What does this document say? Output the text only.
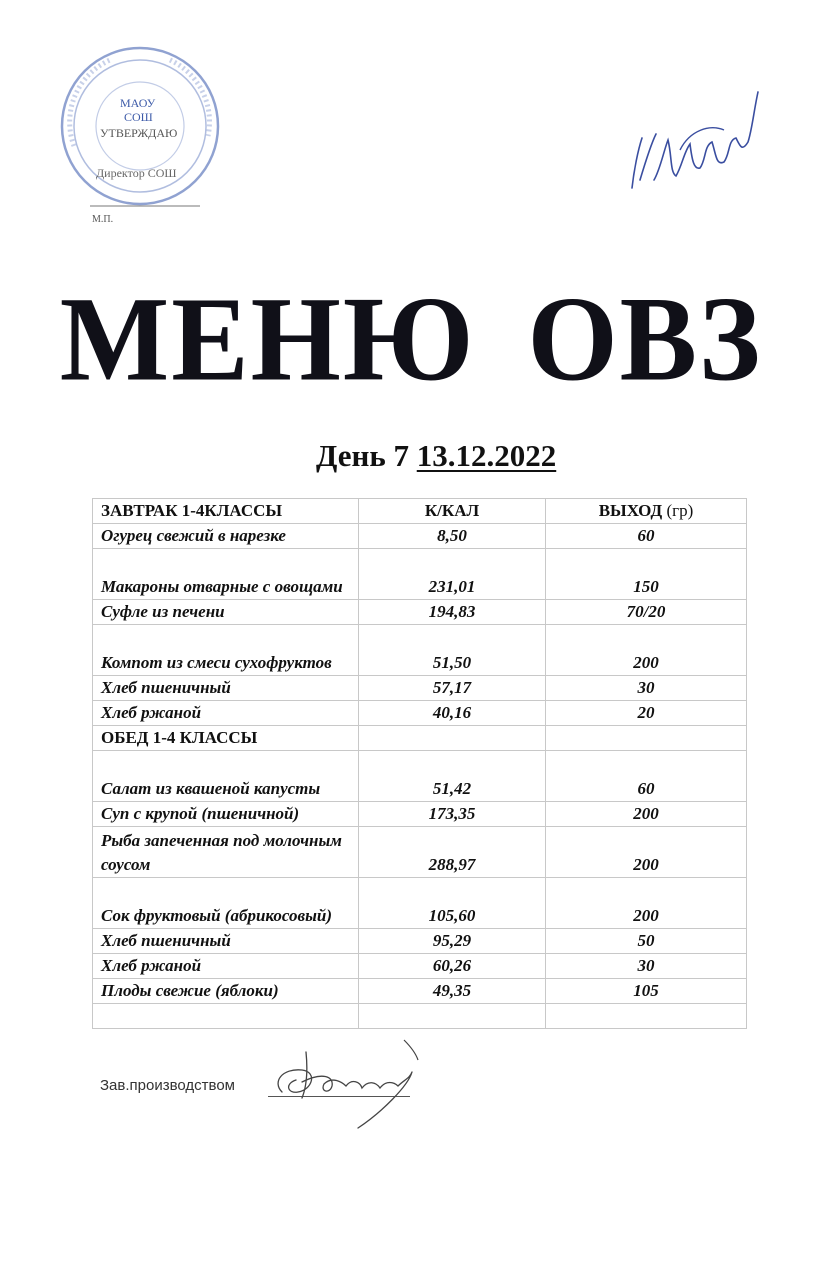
МАОУ
СОШ
УТВЕРЖДАЮ
Директор СОШ
М.П.
МЕНЮ ОВЗ
День 7 13.12.2022
ЗАВТРАК 1-4КЛАССЫ	К/КАЛ	ВЫХОД (гр)
Огурец свежий в нарезке	8,50	60
Макароны отварные с овощами	231,01	150
Суфле из печени	194,83	70/20
Компот из смеси сухофруктов	51,50	200
Хлеб пшеничный	57,17	30
Хлеб ржаной	40,16	20
ОБЕД 1-4 КЛАССЫ		
Салат из квашеной капусты	51,42	60
Суп с крупой (пшеничной)	173,35	200
Рыба запеченная под молочным соусом	288,97	200
Сок фруктовый (абрикосовый)	105,60	200
Хлеб пшеничный	95,29	50
Хлеб ржаной	60,26	30
Плоды свежие (яблоки)	49,35	105

Зав.производством
